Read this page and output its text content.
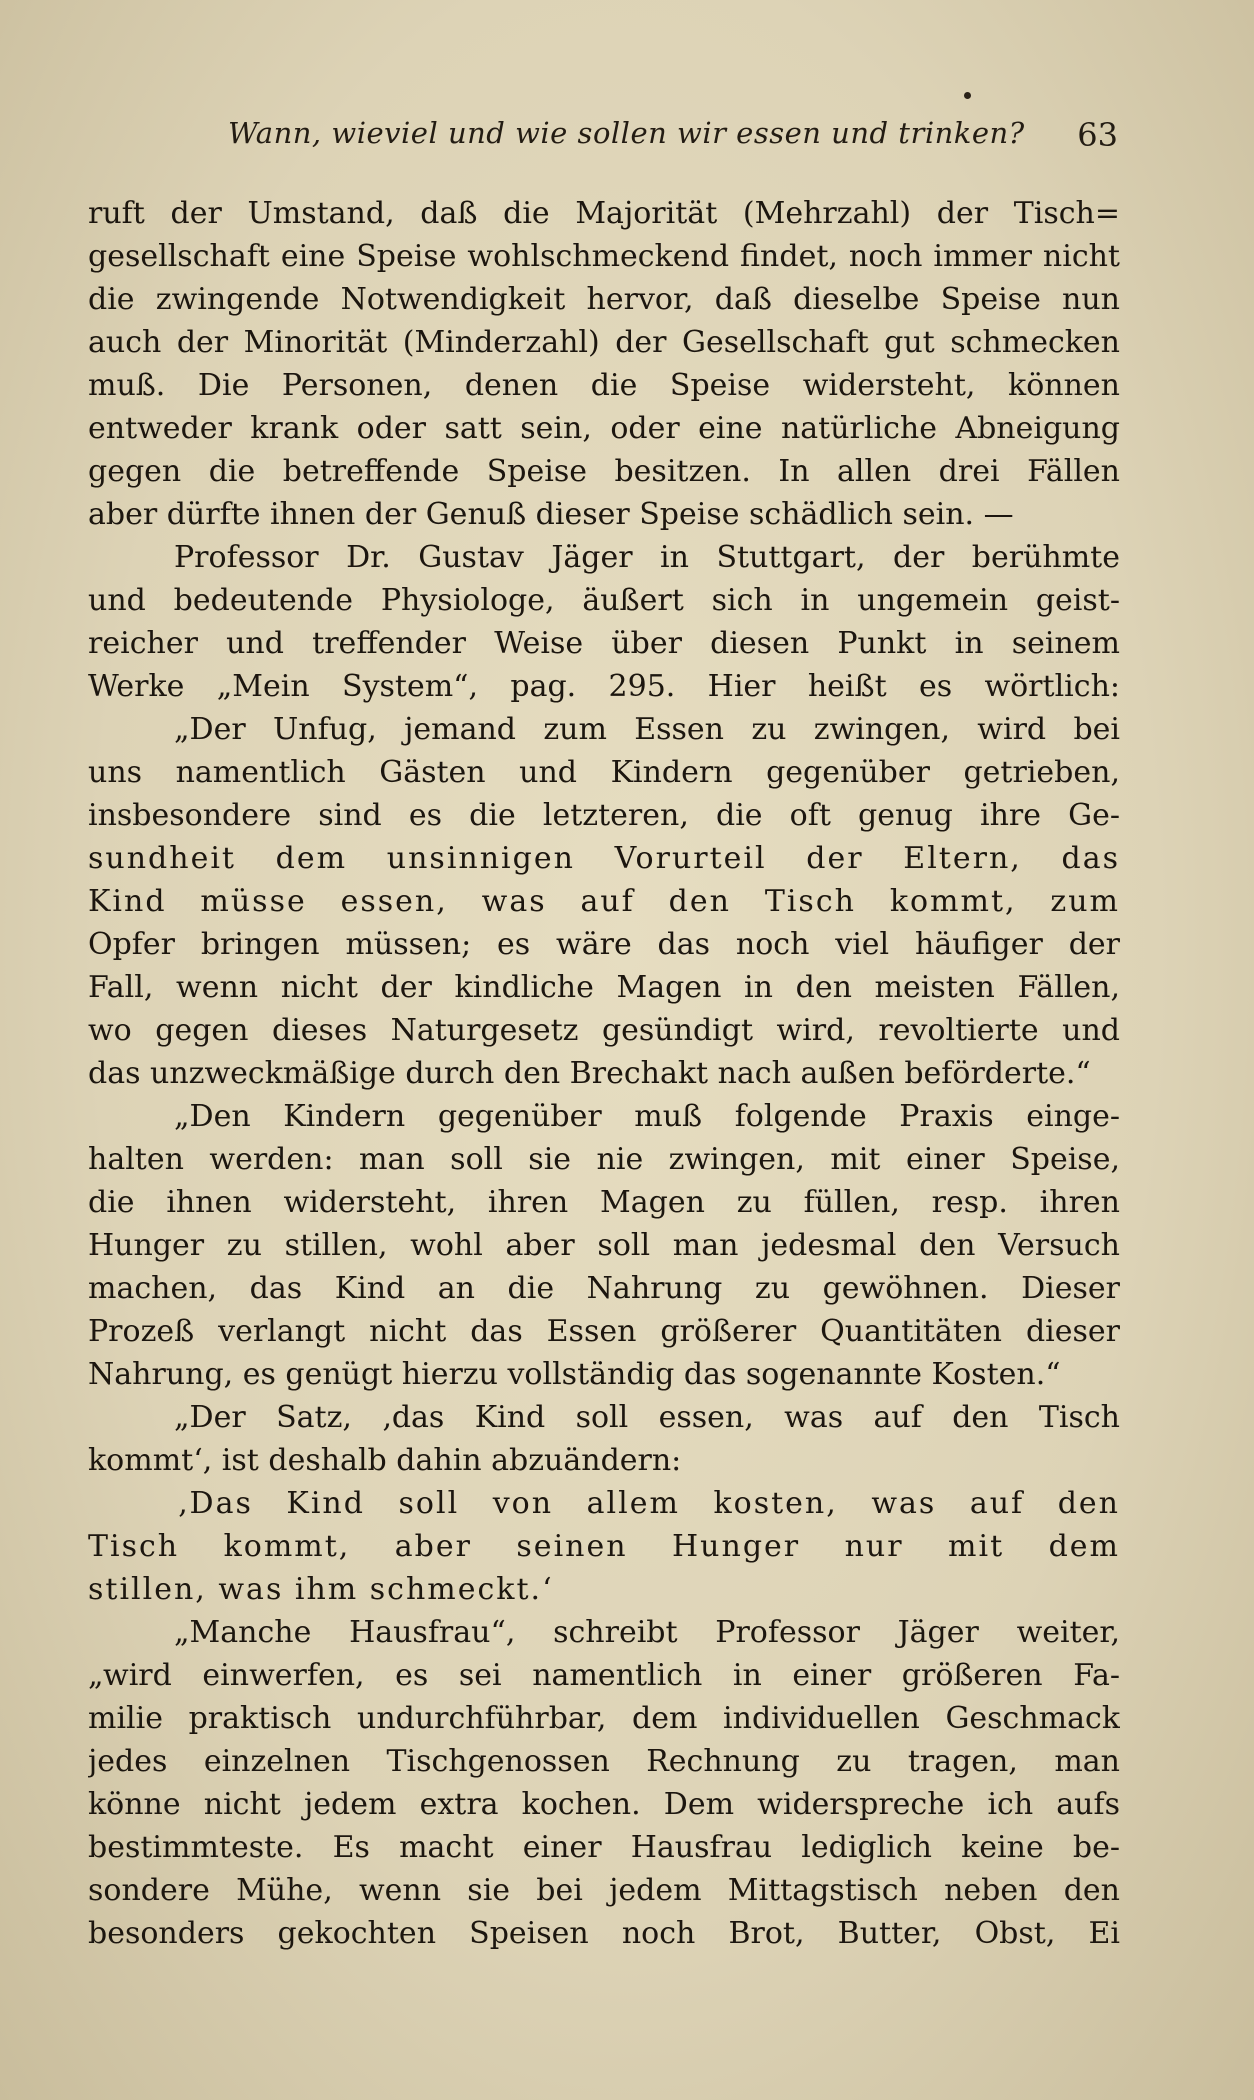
Wann, wieviel und wie sollen wir essen und trinken? 63
ruft der Umstand, daß die Majorität (Mehrzahl) der Tisch=
gesellschaft eine Speise wohlschmeckend findet, noch immer nicht
die zwingende Notwendigkeit hervor, daß dieselbe Speise nun
auch der Minorität (Minderzahl) der Gesellschaft gut schmecken
muß. Die Personen, denen die Speise widersteht, können
entweder krank oder satt sein, oder eine natürliche Abneigung
gegen die betreffende Speise besitzen. In allen drei Fällen
aber dürfte ihnen der Genuß dieser Speise schädlich sein. —
Professor Dr. Gustav Jäger in Stuttgart, der berühmte
und bedeutende Physiologe, äußert sich in ungemein geist-
reicher und treffender Weise über diesen Punkt in seinem
Werke „Mein System“, pag. 295. Hier heißt es wörtlich:
„Der Unfug, jemand zum Essen zu zwingen, wird bei
uns namentlich Gästen und Kindern gegenüber getrieben,
insbesondere sind es die letzteren, die oft genug ihre Ge-
sundheit dem unsinnigen Vorurteil der Eltern, das
Kind müsse essen, was auf den Tisch kommt, zum
Opfer bringen müssen; es wäre das noch viel häufiger der
Fall, wenn nicht der kindliche Magen in den meisten Fällen,
wo gegen dieses Naturgesetz gesündigt wird, revoltierte und
das unzweckmäßige durch den Brechakt nach außen beförderte.“
„Den Kindern gegenüber muß folgende Praxis einge-
halten werden: man soll sie nie zwingen, mit einer Speise,
die ihnen widersteht, ihren Magen zu füllen, resp. ihren
Hunger zu stillen, wohl aber soll man jedesmal den Versuch
machen, das Kind an die Nahrung zu gewöhnen. Dieser
Prozeß verlangt nicht das Essen größerer Quantitäten dieser
Nahrung, es genügt hierzu vollständig das sogenannte Kosten.“
„Der Satz, ‚das Kind soll essen, was auf den Tisch
kommt‘, ist deshalb dahin abzuändern:
‚Das Kind soll von allem kosten, was auf den
Tisch kommt, aber seinen Hunger nur mit dem
stillen, was ihm schmeckt.‘
„Manche Hausfrau“, schreibt Professor Jäger weiter,
„wird einwerfen, es sei namentlich in einer größeren Fa-
milie praktisch undurchführbar, dem individuellen Geschmack
jedes einzelnen Tischgenossen Rechnung zu tragen, man
könne nicht jedem extra kochen. Dem widerspreche ich aufs
bestimmteste. Es macht einer Hausfrau lediglich keine be-
sondere Mühe, wenn sie bei jedem Mittagstisch neben den
besonders gekochten Speisen noch Brot, Butter, Obst, Ei
